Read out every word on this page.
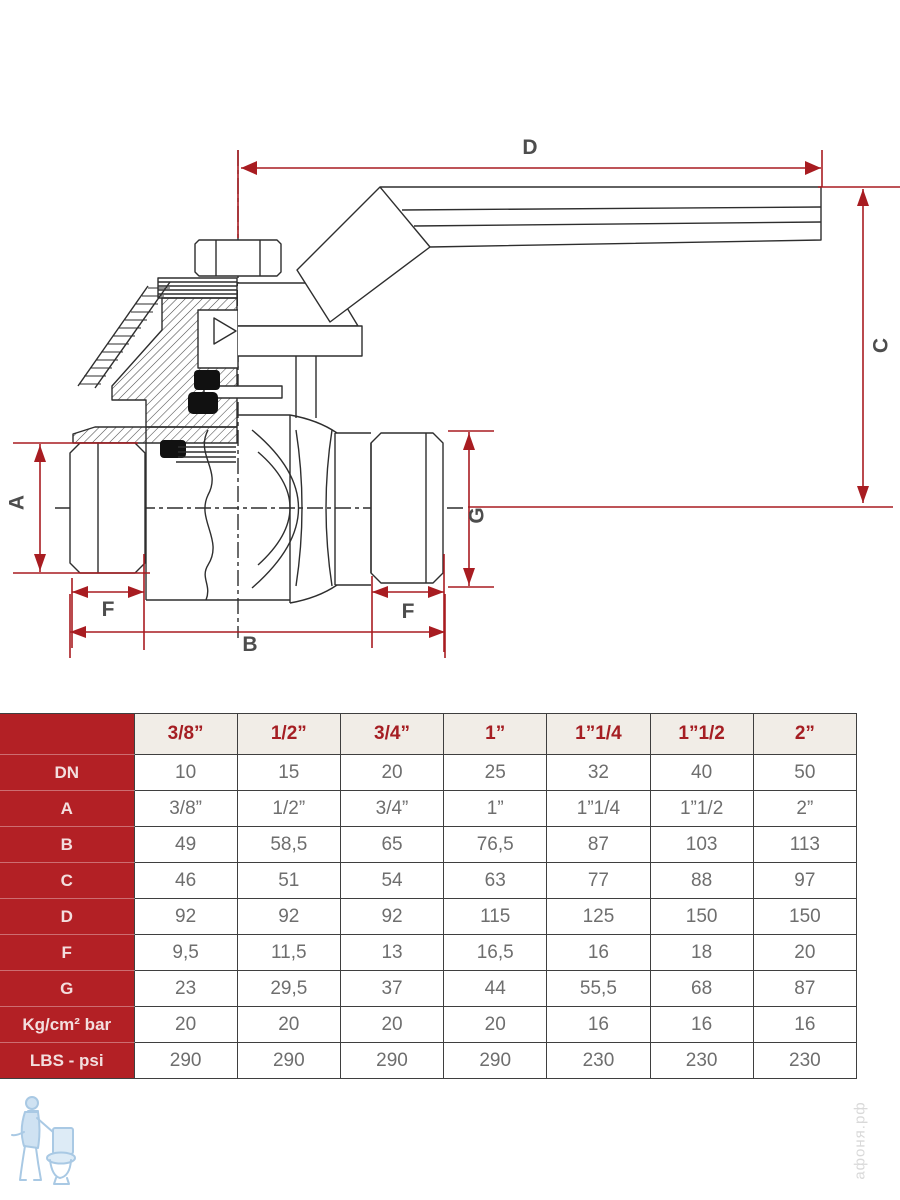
D
C
A
G
F	F
B
	3/8”	1/2”	3/4”	1”	1”1/4	1”1/2	2”
DN	10	15	20	25	32	40	50
A	3/8”	1/2”	3/4”	1”	1”1/4	1”1/2	2”
B	49	58,5	65	76,5	87	103	113
C	46	51	54	63	77	88	97
D	92	92	92	115	125	150	150
F	9,5	11,5	13	16,5	16	18	20
G	23	29,5	37	44	55,5	68	87
Kg/cm² bar	20	20	20	20	16	16	16
LBS - psi	290	290	290	290	230	230	230
афоня.рф
